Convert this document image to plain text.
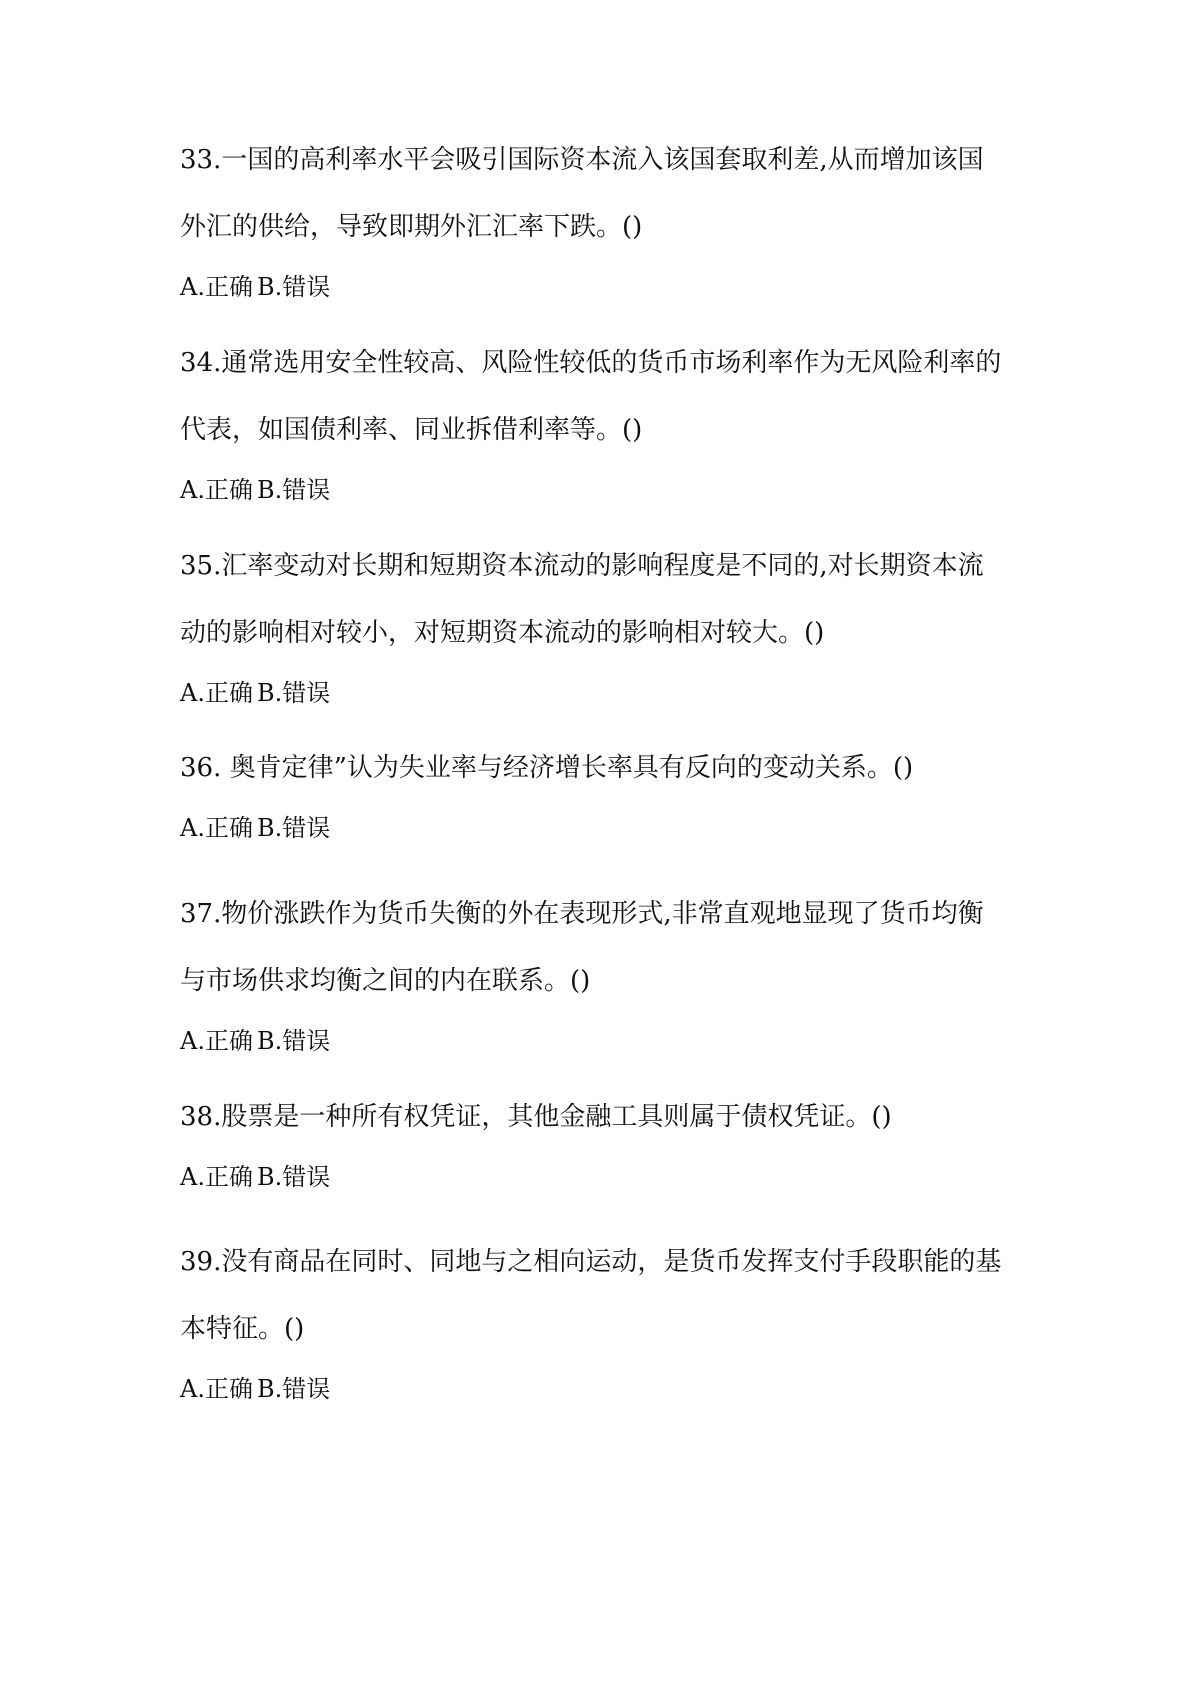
33.一国的高利率水平会吸引国际资本流入该国套取利差,从而增加该国
外汇的供给，导致即期外汇汇率下跌。()
A.正确 B.错误
34.通常选用安全性较高、风险性较低的货币市场利率作为无风险利率的
代表，如国债利率、同业拆借利率等。()
A.正确 B.错误
35.汇率变动对长期和短期资本流动的影响程度是不同的,对长期资本流
动的影响相对较小，对短期资本流动的影响相对较大。()
A.正确 B.错误
36. 奥肯定律”认为失业率与经济增长率具有反向的变动关系。()
A.正确 B.错误
37.物价涨跌作为货币失衡的外在表现形式,非常直观地显现了货币均衡
与市场供求均衡之间的内在联系。()
A.正确 B.错误
38.股票是一种所有权凭证，其他金融工具则属于债权凭证。()
A.正确 B.错误
39.没有商品在同时、同地与之相向运动，是货币发挥支付手段职能的基
本特征。()
A.正确 B.错误
